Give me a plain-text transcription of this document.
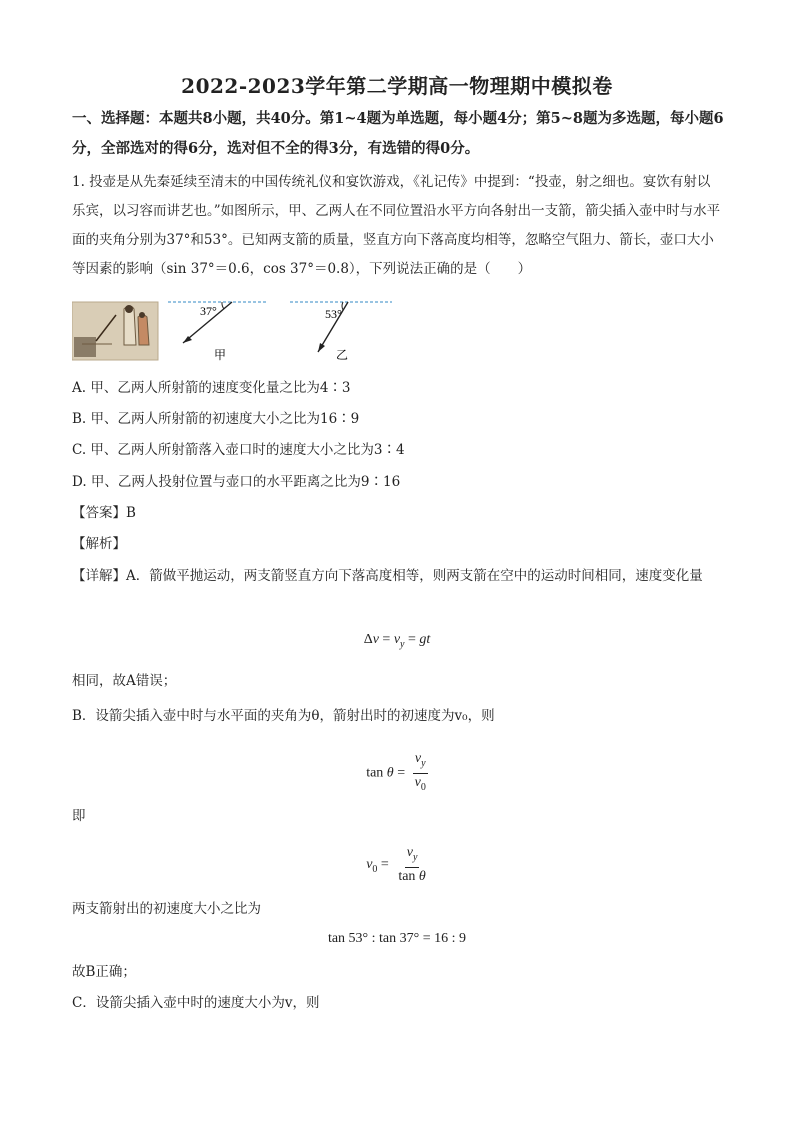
2022-2023学年第二学期高一物理期中模拟卷
一、选择题：本题共8小题，共40分。第1~4题为单选题，每小题4分；第5~8题为多选题，每小题6分，全部选对的得6分，选对但不全的得3分，有选错的得0分。
1. 投壶是从先秦延续至清末的中国传统礼仪和宴饮游戏，《礼记传》中提到：“投壶，射之细也。宴饮有射以乐宾，以习容而讲艺也。”如图所示，甲、乙两人在不同位置沿水平方向各射出一支箭，箭尖插入壶中时与水平面的夹角分别为37°和53°。已知两支箭的质量，竖直方向下落高度均相等，忽略空气阻力、箭长，壶口大小等因素的影响（sin 37°＝0.6，cos 37°＝0.8），下列说法正确的是（　　）
37°
甲
53°
乙
A. 甲、乙两人所射箭的速度变化量之比为4∶3
B. 甲、乙两人所射箭的初速度大小之比为16∶9
C. 甲、乙两人所射箭落入壶口时的速度大小之比为3∶4
D. 甲、乙两人投射位置与壶口的水平距离之比为9∶16
【答案】B
【解析】
【详解】A．箭做平抛运动，两支箭竖直方向下落高度相等，则两支箭在空中的运动时间相同，速度变化量
$\Delta v = v_y$ = gt
相同，故A错误；
B．设箭尖插入壶中时与水平面的夹角为θ，箭射出时的初速度为v₀，则
$\tan \theta = \frac{v_y}{v_0}$
即
$v_0 = \frac{v_y}{\text{tan θ}}$
两支箭射出的初速度大小之比为
tan 53° : tan 37° = 16 : 9
故B正确；
C．设箭尖插入壶中时的速度大小为v，则
